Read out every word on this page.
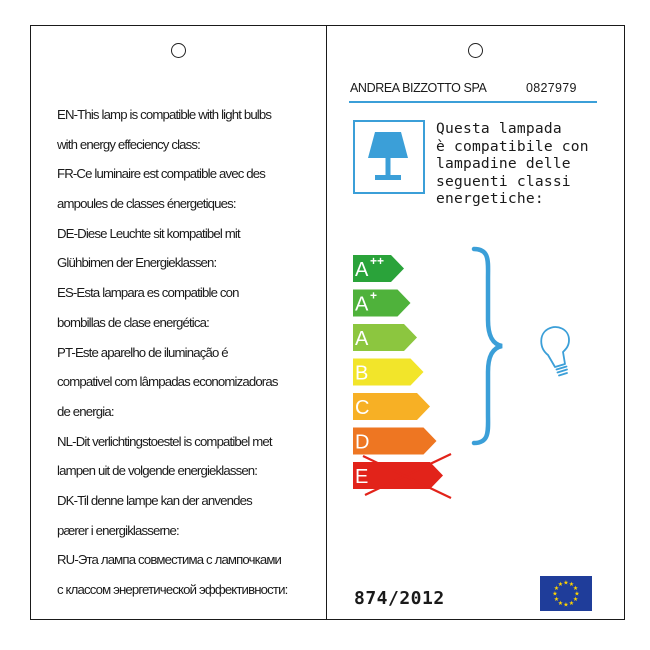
EN-This lamp is compatible with light bulbs
with energy effeciency class:
FR-Ce luminaire est compatible avec des
ampoules de classes énergetiques:
DE-Diese Leuchte sit kompatibel mit
Glühbimen der Energieklassen:
ES-Esta lampara es compatible con
bombillas de clase energética:
PT-Este aparelho de iluminação é
compativel com lâmpadas economizadoras
de energia:
NL-Dit verlichtingstoestel is compatibel met
lampen uit de volgende energieklassen:
DK-Til denne lampe kan der anvendes
pærer i energiklasserne:
RU-Эта лампа совместима с лампочками
с классом энергетической эффективности:
ANDREA BIZZOTTO SPA	0827979
Questa lampada
è compatibile con
lampadine delle
seguenti classi
energetiche:
A ++
A +
A
B
C
D
E
874/2012	★
★
★
★
★
★
★
★
★ ★ ★
★
